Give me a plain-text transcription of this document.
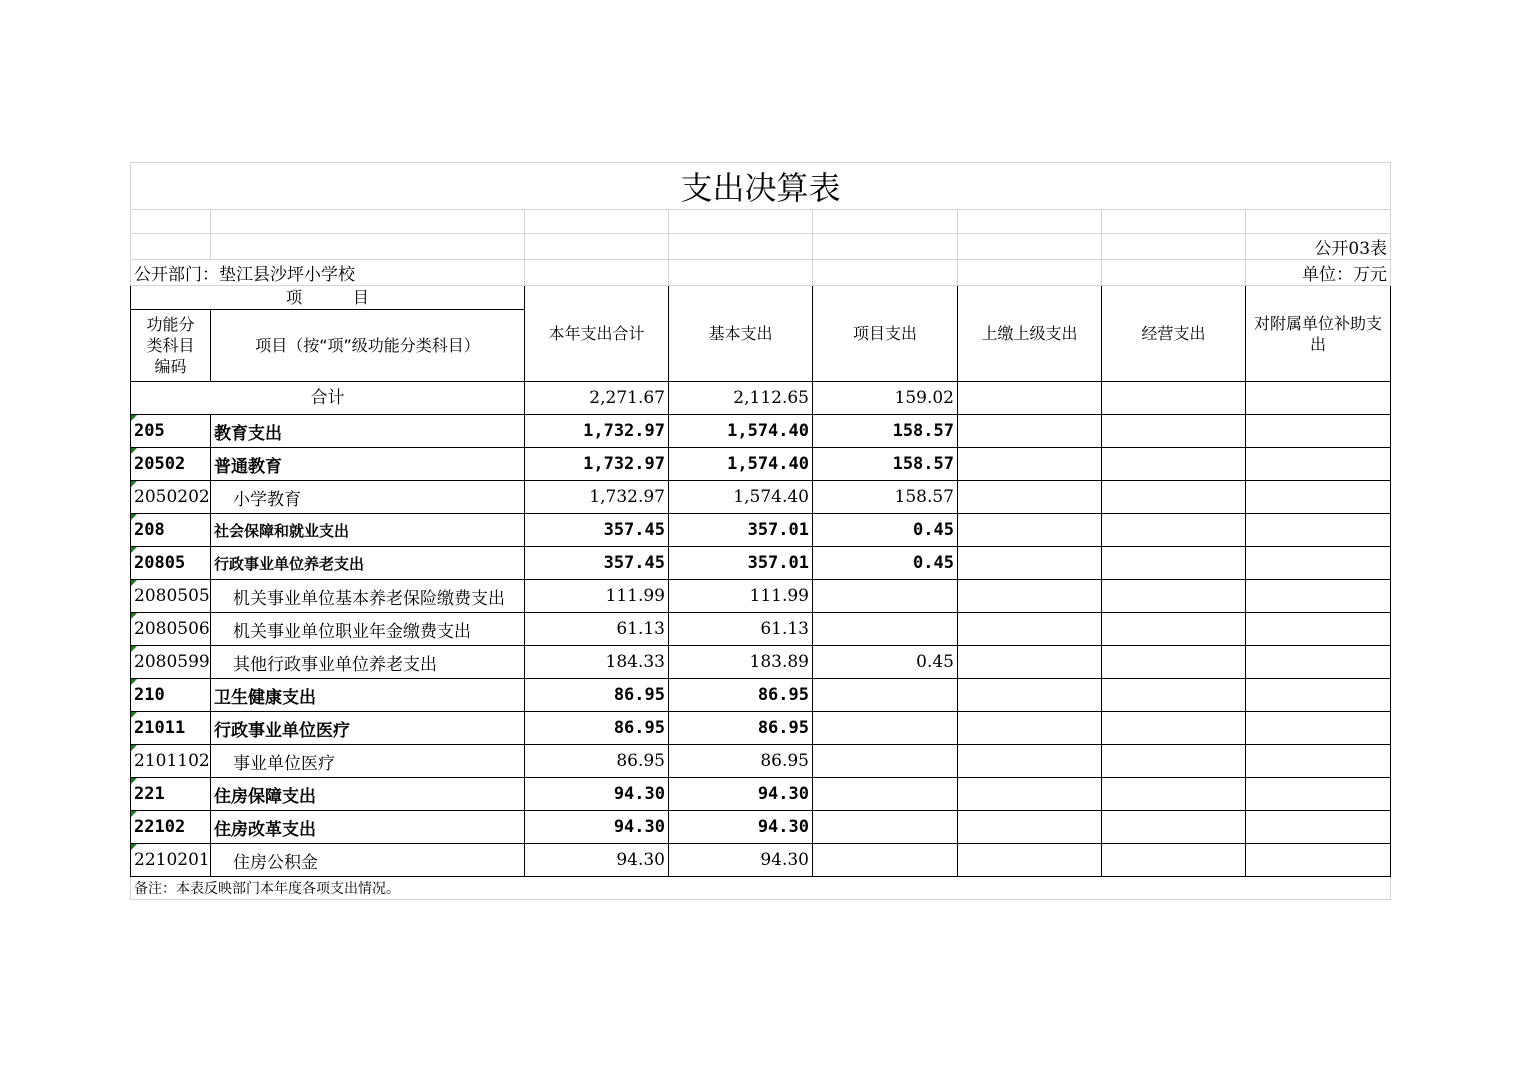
支出决算表							

							公开03表
公开部门：垫江县沙坪小学校							单位：万元
项          目		本年支出合计	基本支出	项目支出	上缴上级支出	经营支出	对附属单位补助支出
功能分类科目编码	项目（按“项”级功能分类科目）						
合计		2,271.67	2,112.65	159.02			
205	教育支出	1,732.97	1,574.40	158.57			
20502	普通教育	1,732.97	1,574.40	158.57			
2050202	小学教育	1,732.97	1,574.40	158.57			
208	社会保障和就业支出	357.45	357.01	0.45			
20805	行政事业单位养老支出	357.45	357.01	0.45			
2080505	机关事业单位基本养老保险缴费支出	111.99	111.99				
2080506	机关事业单位职业年金缴费支出	61.13	61.13				
2080599	其他行政事业单位养老支出	184.33	183.89	0.45			
210	卫生健康支出	86.95	86.95				
21011	行政事业单位医疗	86.95	86.95				
2101102	事业单位医疗	86.95	86.95				
221	住房保障支出	94.30	94.30				
22102	住房改革支出	94.30	94.30				
2210201	住房公积金	94.30	94.30				
备注：本表反映部门本年度各项支出情况。							
